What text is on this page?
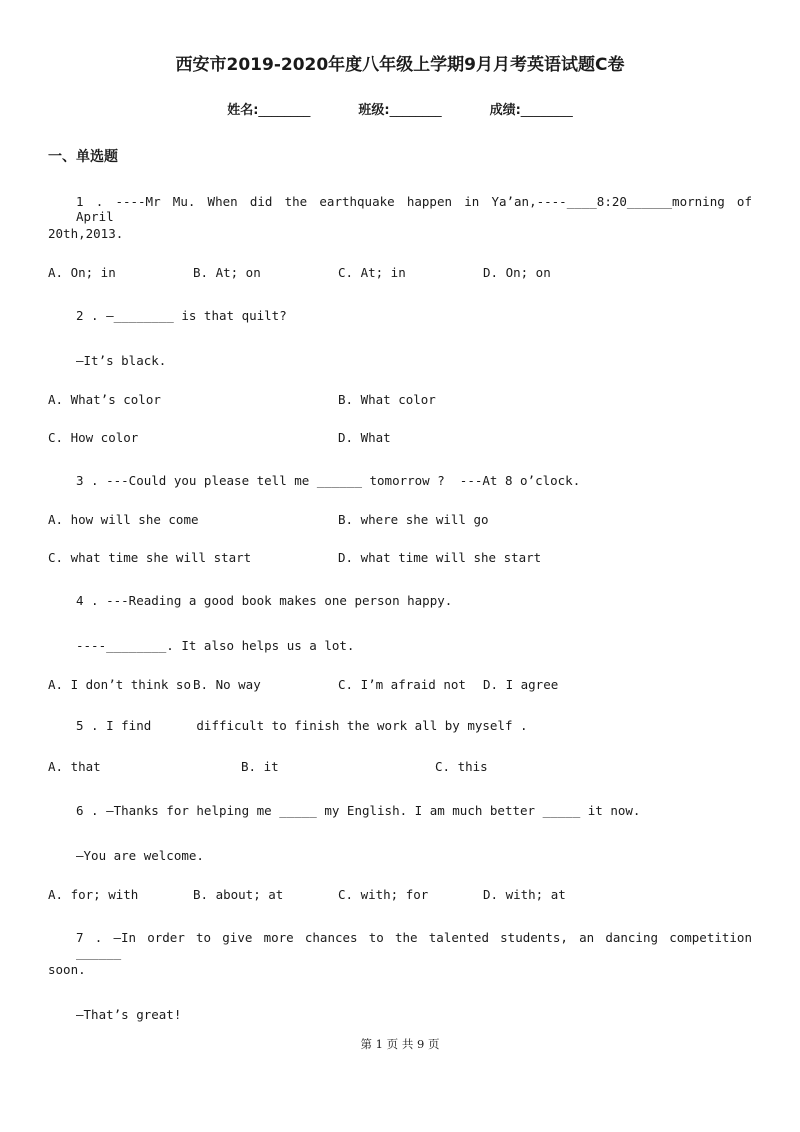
西安市2019-2020年度八年级上学期9月月考英语试题C卷
姓名:________	班级:________	成绩:________
一、单选题
1 . ----Mr Mu. When did the earthquake happen in Ya’an,----____8:20______morning of April
20th,2013.
A. On; in	B. At; on	C. At; in	D. On; on
2 . —________ is that quilt?
—It’s black.
A. What’s color	B. What color
C. How color	D. What
3 . ---Could you please tell me ______ tomorrow ?  ---At 8 o’clock.
A. how will she come	B. where she will go
C. what time she will start	D. what time will she start
4 . ---Reading a good book makes one person happy.
----________. It also helps us a lot.
A. I don’t think so B. No way	C. I’m afraid not D. I agree
5 . I find      difficult to finish the work all by myself .
A. that	B. it	C. this
6 . —Thanks for helping me _____ my English. I am much better _____ it now.
—You are welcome.
A. for; with	B. about; at	C. with; for	D. with; at
7 . —In order to give more chances to the talented students, an dancing competition ______
soon.
—That’s great!
第 1 页 共 9 页
